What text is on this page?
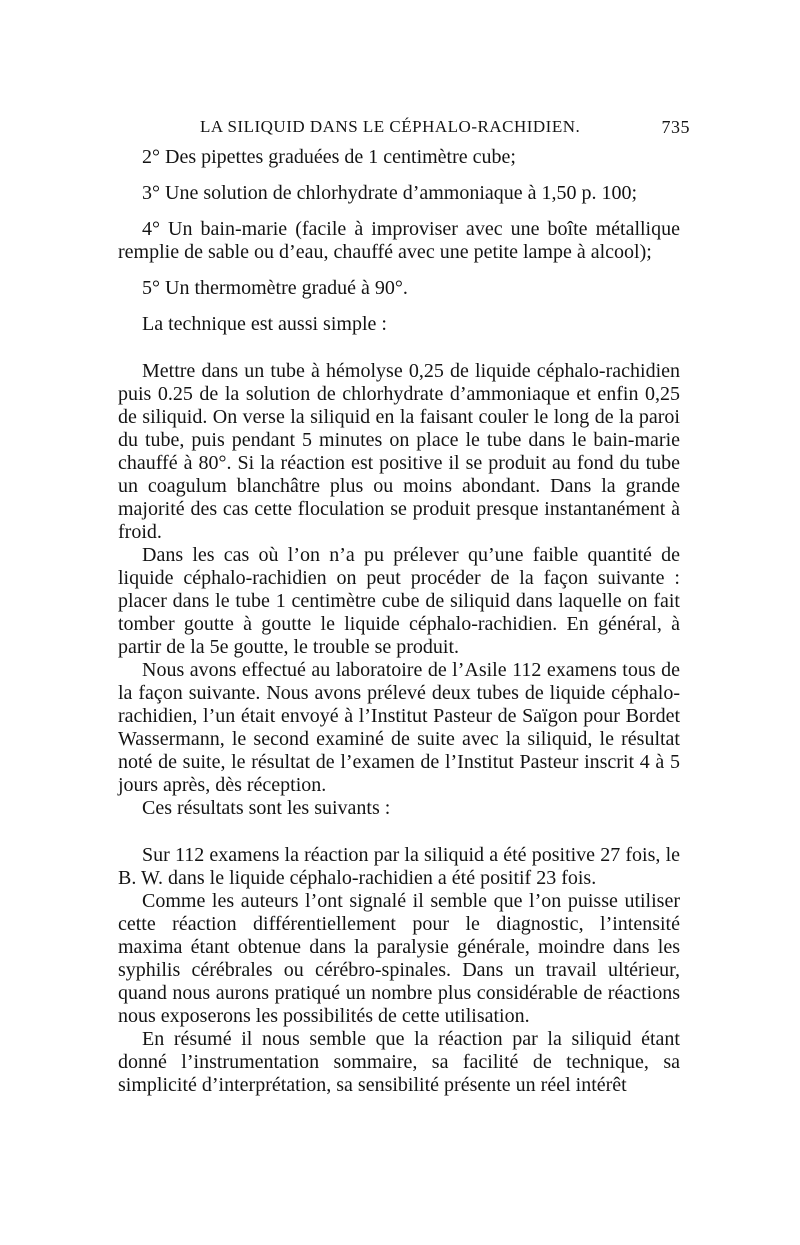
LA SILIQUID DANS LE CÉPHALO-RACHIDIEN.	735

2° Des pipettes graduées de 1 centimètre cube;

3° Une solution de chlorhydrate d’ammoniaque à 1,50 p. 100;

4° Un bain-marie (facile à improviser avec une boîte métallique remplie de sable ou d’eau, chauffé avec une petite lampe à alcool);

5° Un thermomètre gradué à 90°.

La technique est aussi simple :

Mettre dans un tube à hémolyse 0,25 de liquide céphalo-rachidien puis 0.25 de la solution de chlorhydrate d’ammoniaque et enfin 0,25 de siliquid. On verse la siliquid en la faisant couler le long de la paroi du tube, puis pendant 5 minutes on place le tube dans le bain-marie chauffé à 80°. Si la réaction est positive il se produit au fond du tube un coagulum blanchâtre plus ou moins abondant. Dans la grande majorité des cas cette floculation se produit presque instantanément à froid.

Dans les cas où l’on n’a pu prélever qu’une faible quantité de liquide céphalo-rachidien on peut procéder de la façon suivante : placer dans le tube 1 centimètre cube de siliquid dans laquelle on fait tomber goutte à goutte le liquide céphalo-rachidien. En général, à partir de la 5e goutte, le trouble se produit.

Nous avons effectué au laboratoire de l’Asile 112 examens tous de la façon suivante. Nous avons prélevé deux tubes de liquide céphalo-rachidien, l’un était envoyé à l’Institut Pasteur de Saïgon pour Bordet Wassermann, le second examiné de suite avec la siliquid, le résultat noté de suite, le résultat de l’examen de l’Institut Pasteur inscrit 4 à 5 jours après, dès réception.

Ces résultats sont les suivants :

Sur 112 examens la réaction par la siliquid a été positive 27 fois, le B. W. dans le liquide céphalo-rachidien a été positif 23 fois.

Comme les auteurs l’ont signalé il semble que l’on puisse utiliser cette réaction différentiellement pour le diagnostic, l’intensité maxima étant obtenue dans la paralysie générale, moindre dans les syphilis cérébrales ou cérébro-spinales. Dans un travail ultérieur, quand nous aurons pratiqué un nombre plus considérable de réactions nous exposerons les possibilités de cette utilisation.

En résumé il nous semble que la réaction par la siliquid étant donné l’instrumentation sommaire, sa facilité de technique, sa simplicité d’interprétation, sa sensibilité présente un réel intérêt
